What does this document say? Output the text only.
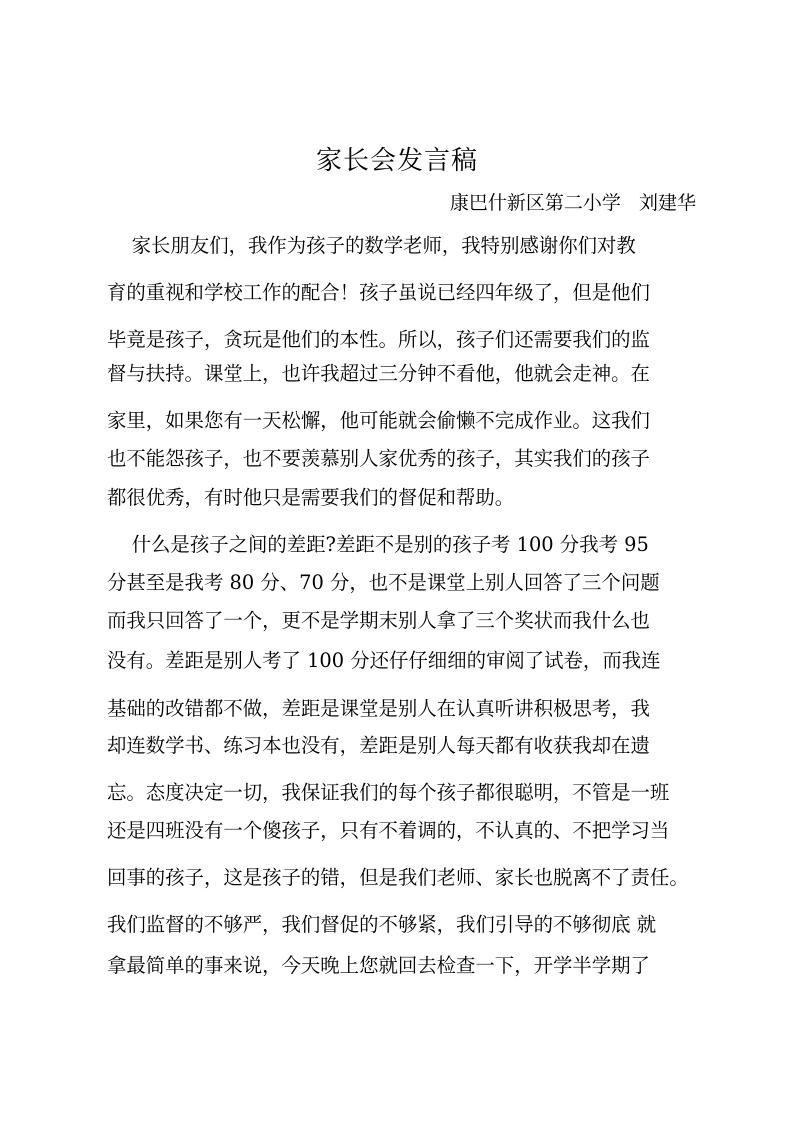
家长会发言稿
康巴什新区第二小学   刘建华
家长朋友们，我作为孩子的数学老师，我特别感谢你们对教
育的重视和学校工作的配合！孩子虽说已经四年级了，但是他们
毕竟是孩子，贪玩是他们的本性。所以，孩子们还需要我们的监
督与扶持。课堂上，也许我超过三分钟不看他，他就会走神。在
家里，如果您有一天松懈，他可能就会偷懒不完成作业。这我们
也不能怨孩子，也不要羡慕别人家优秀的孩子，其实我们的孩子
都很优秀，有时他只是需要我们的督促和帮助。
什么是孩子之间的差距?差距不是别的孩子考 100 分我考 95
分甚至是我考 80 分、70 分，也不是课堂上别人回答了三个问题
而我只回答了一个，更不是学期末别人拿了三个奖状而我什么也
没有。差距是别人考了 100 分还仔仔细细的审阅了试卷，而我连
基础的改错都不做，差距是课堂是别人在认真听讲积极思考，我
却连数学书、练习本也没有，差距是别人每天都有收获我却在遗
忘。态度决定一切，我保证我们的每个孩子都很聪明，不管是一班
还是四班没有一个傻孩子，只有不着调的，不认真的、不把学习当
回事的孩子，这是孩子的错，但是我们老师、家长也脱离不了责任。
我们监督的不够严，我们督促的不够紧，我们引导的不够彻底 就
拿最简单的事来说，今天晚上您就回去检查一下，开学半学期了
